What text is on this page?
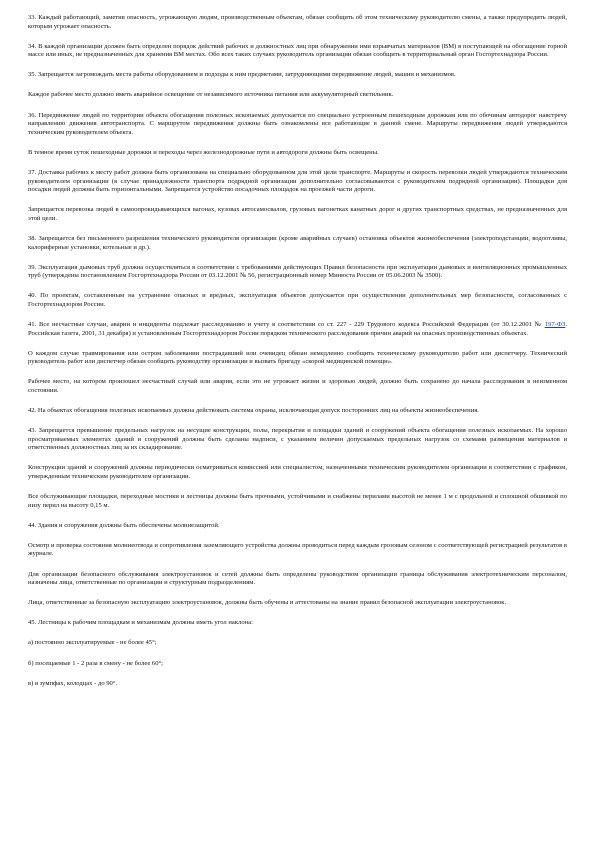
33. Каждый работающий, заметив опасность, угрожающую людям, производственным объектам, обязан сообщить об этом техническому руководителю смены, а также предупредить людей, которым угрожает опасность.

34. В каждой организации должен быть определен порядок действий рабочих и должностных лиц при обнаружении ими взрывчатых материалов (ВМ) в поступающей на обогащение горной массе или иных, не предназначенных для хранения ВМ местах. Обо всех таких случаях руководитель организации обязан сообщить в территориальный орган Госгортехнадзора России.

35. Запрещается загромождать места работы оборудованием и подходы к ним предметами, затрудняющими передвижение людей, машин и механизмов.

Каждое рабочее место должно иметь аварийное освещение от независимого источника питания или аккумуляторный светильник.

36. Передвижение людей по территории объекта обогащения полезных ископаемых допускается по специально устроенным пешеходным дорожкам или по обочинам автодорог навстречу направлению движения автотранспорта. С маршрутом передвижения должны быть ознакомлены все работающие в данной смене. Маршруты передвижения людей утверждаются техническим руководителем объекта.

В темное время суток пешеходные дорожки и переходы через железнодорожные пути и автодороги должны быть освещены.

37. Доставка рабочих к месту работ должна быть организована на специально оборудованном для этой цели транспорте. Маршруты и скорость перевозки людей утверждаются техническим руководителем организации (в случае принадлежности транспорта подрядной организации дополнительно согласовываются с руководителем подрядной организации). Площадки для посадки людей должны быть горизонтальными. Запрещается устройство посадочных площадок на проезжей части дороги.

Запрещается перевозка людей в самоопрокидывающихся вагонах, кузовах автосамосвалов, грузовых вагонетках канатных дорог и других транспортных средствах, не предназначенных для этой цели.

38. Запрещается без письменного разрешения технического руководителя организации (кроме аварийных случаев) остановка объектов жизнеобеспечения (электроподстанции, водоотливы, калориферные установки, котельные и др.).

39. Эксплуатация дымовых труб должна осуществляться в соответствии с требованиями действующих Правил безопасности при эксплуатации дымовых и вентиляционных промышленных труб (утверждены постановлением Госгортехнадзора России от 03.12.2001 № 56, регистрационный номер Минюста России от 05.06.2003 № 3500).

40. По проектам, составленным на устранение опасных и вредных, эксплуатация объектов допускается при осуществлении дополнительных мер безопасности, согласованных с Госгортехнадзором России.

41. Все несчастные случаи, аварии и инциденты подлежат расследованию и учету в соответствии со ст. 227 - 229 Трудового кодекса Российской Федерации (от 30.12.2001 № 197-ФЗ. Российская газета, 2001, 31 декабря) и установленным Госгортехнадзором России порядком технического расследования причин аварий на опасных производственных объектах.

О каждом случае травмирования или остром заболевании пострадавший или очевидец обязан немедленно сообщить техническому руководителю работ или диспетчеру. Технический руководитель работ или диспетчер обязан сообщить руководству организации и вызвать бригаду «скорой медицинской помощи».

Рабочее место, на котором произошел несчастный случай или авария, если это не угрожает жизни и здоровью людей, должно быть сохранено до начала расследования в неизменном состоянии.

42. На объектах обогащения полезных ископаемых должна действовать система охраны, исключающая допуск посторонних лиц на объекты жизнеобеспечения.

43. Запрещается превышение предельных нагрузок на несущие конструкции, полы, перекрытия и площадки зданий и сооружений объекта обогащения полезных ископаемых. На хорошо просматриваемых элементах зданий и сооружений должны быть сделаны надписи, с указанием величин допускаемых предельных нагрузок со схемами размещения материалов и ответственных должностных лиц за их складирование.

Конструкции зданий и сооружений должны периодически осматриваться комиссией или специалистом, назначенными техническим руководителем организации в соответствии с графиком, утвержденным техническим руководителем организации.

Все обслуживающие площадки, переходные мостики и лестницы должны быть прочными, устойчивыми и снабжены перилами высотой не менее 1 м с продольной и сплошной обшивкой по низу перил на высоту 0,15 м.

44. Здания и сооружения должны быть обеспечены молниезащитой.

Осмотр и проверка состояния молниеотвода и сопротивления заземляющего устройства должны проводиться перед каждым грозовым сезоном с соответствующей регистрацией результатов в журнале.

Для организации безопасного обслуживания электроустановок и сетей должны быть определены руководством организации границы обслуживания электротехническим персоналом, назначены лица, ответственные по организации и структурным подразделениям.

Лица, ответственные за безопасную эксплуатацию электроустановок, должны быть обучены и аттестованы на знание правил безопасной эксплуатации электроустановок.

45. Лестницы к рабочим площадкам и механизмам должны иметь угол наклона:

а) постоянно эксплуатируемые - не более 45°;

б) посещаемые 1 - 2 раза в смену - не более 60°;

в) в зумпфах, колодцах - до 90°.
